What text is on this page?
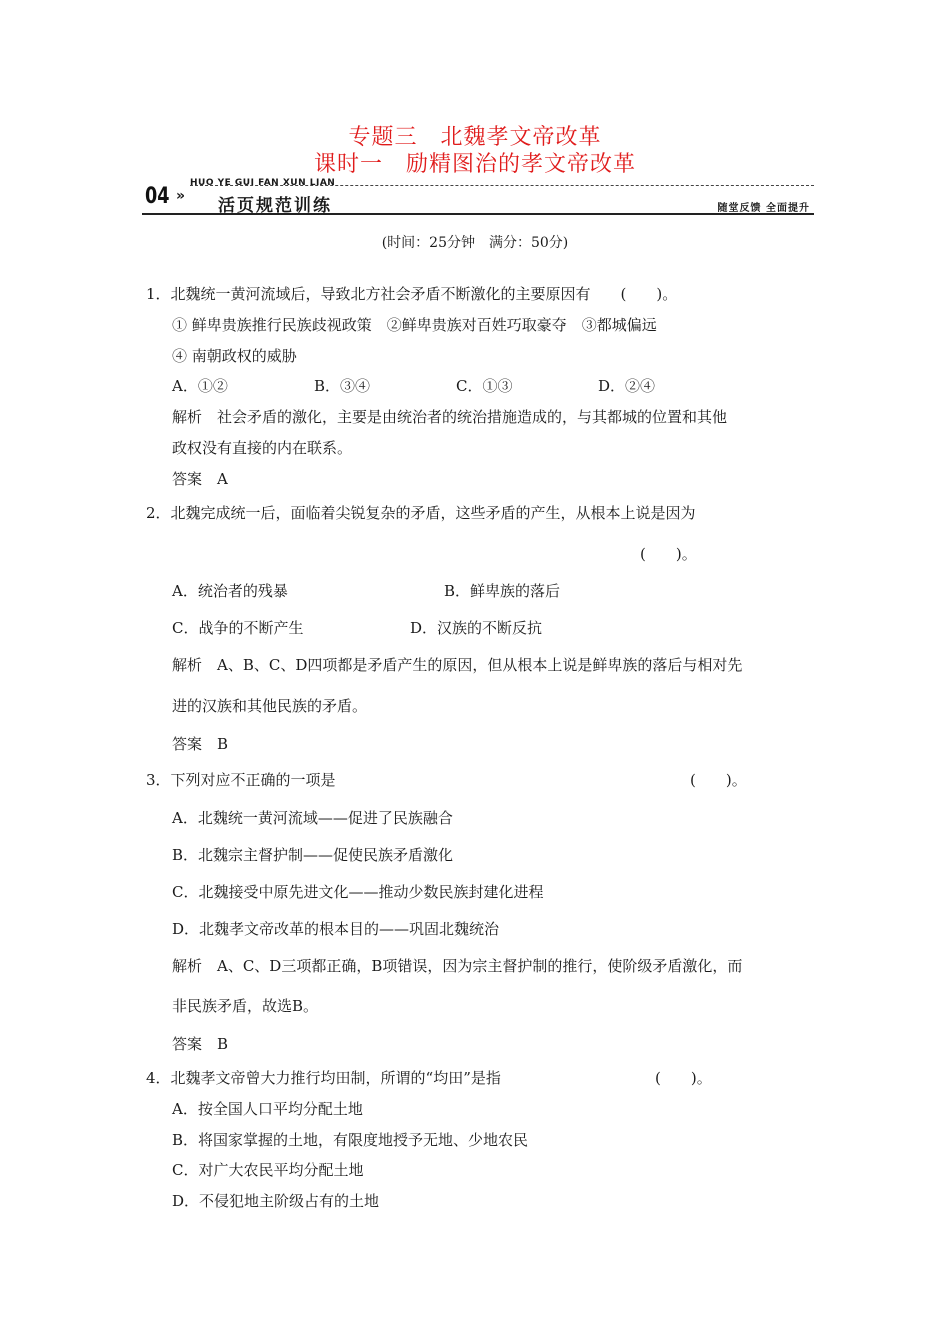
专题三　北魏孝文帝改革
课时一　励精图治的孝文帝改革
HUO YE GUI FAN XUN LIAN
04 » 活页规范训练	随堂反馈 全面提升
(时间：25分钟　满分：50分)
1．北魏统一黄河流域后，导致北方社会矛盾不断激化的主要原因有　　(　　)。
① 鲜卑贵族推行民族歧视政策　②鲜卑贵族对百姓巧取豪夺　③都城偏远
④ 南朝政权的威胁
A．①②	B．③④	C．①③	D．②④
解析　社会矛盾的激化，主要是由统治者的统治措施造成的，与其都城的位置和其他
政权没有直接的内在联系。
答案　A
2．北魏完成统一后，面临着尖锐复杂的矛盾，这些矛盾的产生，从根本上说是因为
(　　)。
A．统治者的残暴	B．鲜卑族的落后
C．战争的不断产生	D．汉族的不断反抗
解析　A、B、C、D四项都是矛盾产生的原因，但从根本上说是鲜卑族的落后与相对先
进的汉族和其他民族的矛盾。
答案　B
3．下列对应不正确的一项是	(　　)。
A．北魏统一黄河流域——促进了民族融合
B．北魏宗主督护制——促使民族矛盾激化
C．北魏接受中原先进文化——推动少数民族封建化进程
D．北魏孝文帝改革的根本目的——巩固北魏统治
解析　A、C、D三项都正确，B项错误，因为宗主督护制的推行，使阶级矛盾激化，而
非民族矛盾，故选B。
答案　B
4．北魏孝文帝曾大力推行均田制，所谓的“均田”是指	(　　)。
A．按全国人口平均分配土地
B．将国家掌握的土地，有限度地授予无地、少地农民
C．对广大农民平均分配土地
D．不侵犯地主阶级占有的土地
